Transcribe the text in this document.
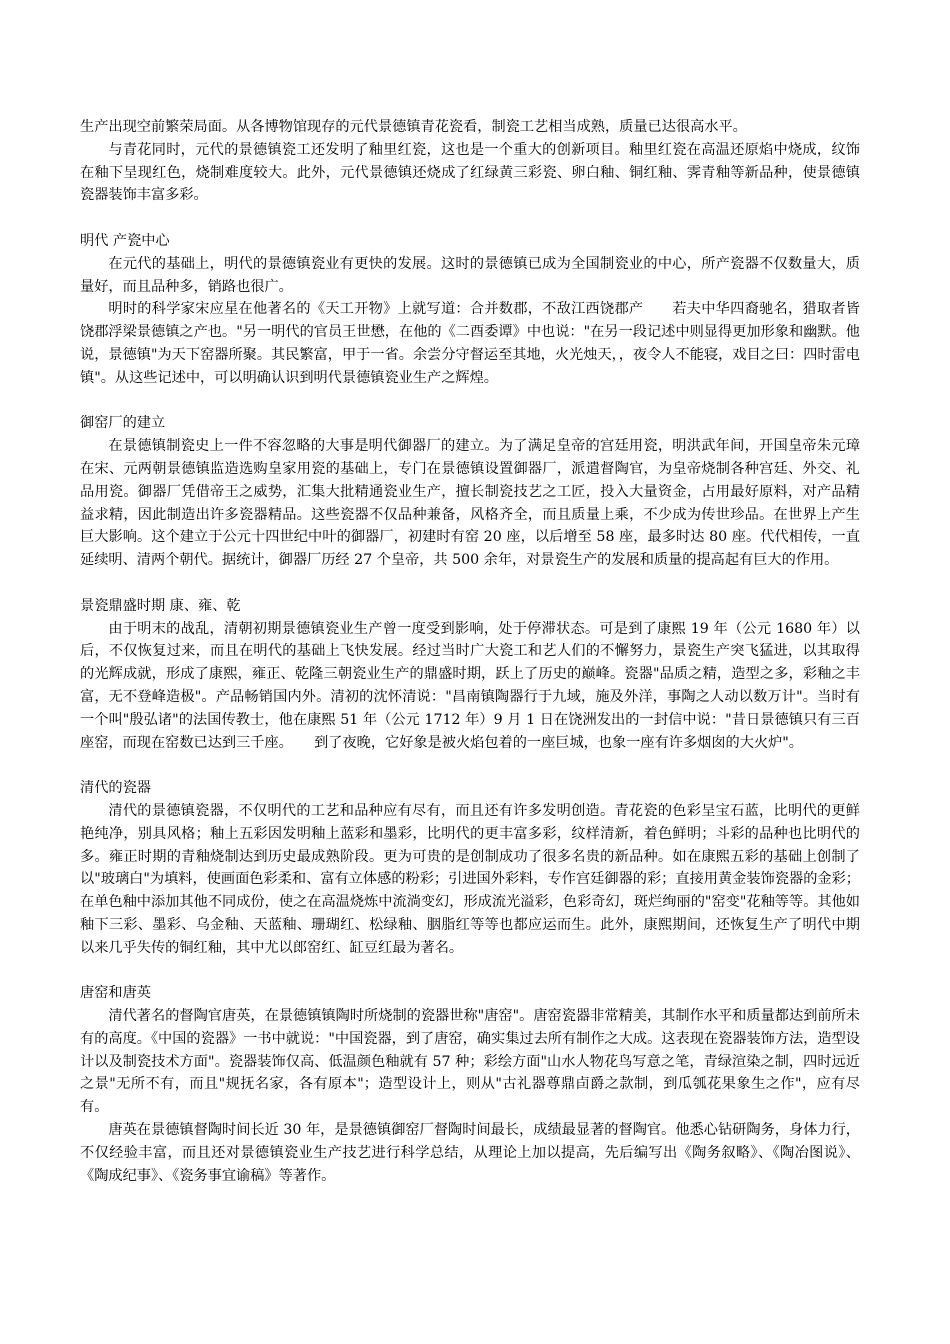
生产出现空前繁荣局面。从各博物馆现存的元代景德镇青花瓷看，制瓷工艺相当成熟，质量已达很高水平。

与青花同时，元代的景德镇瓷工还发明了釉里红瓷，这也是一个重大的创新项目。釉里红瓷在高温还原焰中烧成，纹饰在釉下呈现红色，烧制难度较大。此外，元代景德镇还烧成了红绿黄三彩瓷、卵白釉、铜红釉、霁青釉等新品种，使景德镇瓷器装饰丰富多彩。

明代 产瓷中心

在元代的基础上，明代的景德镇瓷业有更快的发展。这时的景德镇已成为全国制瓷业的中心，所产瓷器不仅数量大，质量好，而且品种多，销路也很广。

明时的科学家宋应星在他著名的《天工开物》上就写道：合并数郡，不敌江西饶郡产　　若夫中华四裔驰名，猎取者皆饶郡浮梁景德镇之产也。"另一明代的官员王世懋，在他的《二酉委谭》中也说："在另一段记述中则显得更加形象和幽默。他说，景德镇"为天下窑器所聚。其民繁富，甲于一省。余尝分守督运至其地，火光烛天，，夜令人不能寝，戏目之曰：四时雷电镇"。从这些记述中，可以明确认识到明代景德镇瓷业生产之辉煌。

御窑厂的建立

在景德镇制瓷史上一件不容忽略的大事是明代御器厂的建立。为了满足皇帝的宫廷用瓷，明洪武年间，开国皇帝朱元璋在宋、元两朝景德镇监造选购皇家用瓷的基础上，专门在景德镇设置御器厂，派遣督陶官，为皇帝烧制各种宫廷、外交、礼品用瓷。御器厂凭借帝王之威势，汇集大批精通瓷业生产，擅长制瓷技艺之工匠，投入大量资金，占用最好原料，对产品精益求精，因此制造出许多瓷器精品。这些瓷器不仅品种兼备，风格齐全，而且质量上乘，不少成为传世珍品。在世界上产生巨大影响。这个建立于公元十四世纪中叶的御器厂，初建时有窑 20 座，以后增至 58 座，最多时达 80 座。代代相传，一直延续明、清两个朝代。据统计，御器厂历经 27 个皇帝，共 500 余年，对景瓷生产的发展和质量的提高起有巨大的作用。

景瓷鼎盛时期 康、雍、乾

由于明末的战乱，清朝初期景德镇瓷业生产曾一度受到影响，处于停滞状态。可是到了康熙 19 年（公元 1680 年）以后，不仅恢复过来，而且在明代的基础上飞快发展。经过当时广大瓷工和艺人们的不懈努力，景瓷生产突飞猛进，以其取得的光辉成就，形成了康熙，雍正、乾隆三朝瓷业生产的鼎盛时期，跃上了历史的巅峰。瓷器"品质之精，造型之多，彩釉之丰富，无不登峰造极"。产品畅销国内外。清初的沈怀清说："昌南镇陶器行于九域，施及外洋，事陶之人动以数万计"。当时有一个叫"殷弘诸"的法国传教士，他在康熙 51 年（公元 1712 年）9 月 1 日在饶洲发出的一封信中说："昔日景德镇只有三百座窑，而现在窑数已达到三千座。　　到了夜晚，它好象是被火焰包着的一座巨城，也象一座有许多烟囱的大火炉"。

清代的瓷器

清代的景德镇瓷器，不仅明代的工艺和品种应有尽有，而且还有许多发明创造。青花瓷的色彩呈宝石蓝，比明代的更鲜艳纯净，别具风格；釉上五彩因发明釉上蓝彩和墨彩，比明代的更丰富多彩，纹样清新，着色鲜明；斗彩的品种也比明代的多。雍正时期的青釉烧制达到历史最成熟阶段。更为可贵的是创制成功了很多名贵的新品种。如在康熙五彩的基础上创制了以"玻璃白"为填料，使画面色彩柔和、富有立体感的粉彩；引进国外彩料，专作宫廷御器的彩；直接用黄金装饰瓷器的金彩；在单色釉中添加其他不同成份，使之在高温烧炼中流淌变幻，形成流光溢彩，色彩奇幻，斑烂绚丽的"窑变"花釉等等。其他如釉下三彩、墨彩、乌金釉、天蓝釉、珊瑚红、松绿釉、胭脂红等等也都应运而生。此外，康熙期间，还恢复生产了明代中期以来几乎失传的铜红釉，其中尤以郎窑红、缸豆红最为著名。

唐窑和唐英

清代著名的督陶官唐英，在景德镇镇陶时所烧制的瓷器世称"唐窑"。唐窑瓷器非常精美，其制作水平和质量都达到前所未有的高度。《中国的瓷器》一书中就说："中国瓷器，到了唐窑，确实集过去所有制作之大成。这表现在瓷器装饰方法，造型设计以及制瓷技术方面"。瓷器装饰仅高、低温颜色釉就有 57 种；彩绘方面"山水人物花鸟写意之笔，青绿渲染之制，四时远近之景"无所不有，而且"规抚名家，各有原本"；造型设计上，则从"古礼器尊鼎卣爵之款制，到瓜瓠花果象生之作"，应有尽有。

唐英在景德镇督陶时间长近 30 年，是景德镇御窑厂督陶时间最长，成绩最显著的督陶官。他悉心钻研陶务，身体力行，不仅经验丰富，而且还对景德镇瓷业生产技艺进行科学总结，从理论上加以提高，先后编写出《陶务叙略》、《陶冶图说》、《陶成纪事》、《瓷务事宜谕稿》等著作。
